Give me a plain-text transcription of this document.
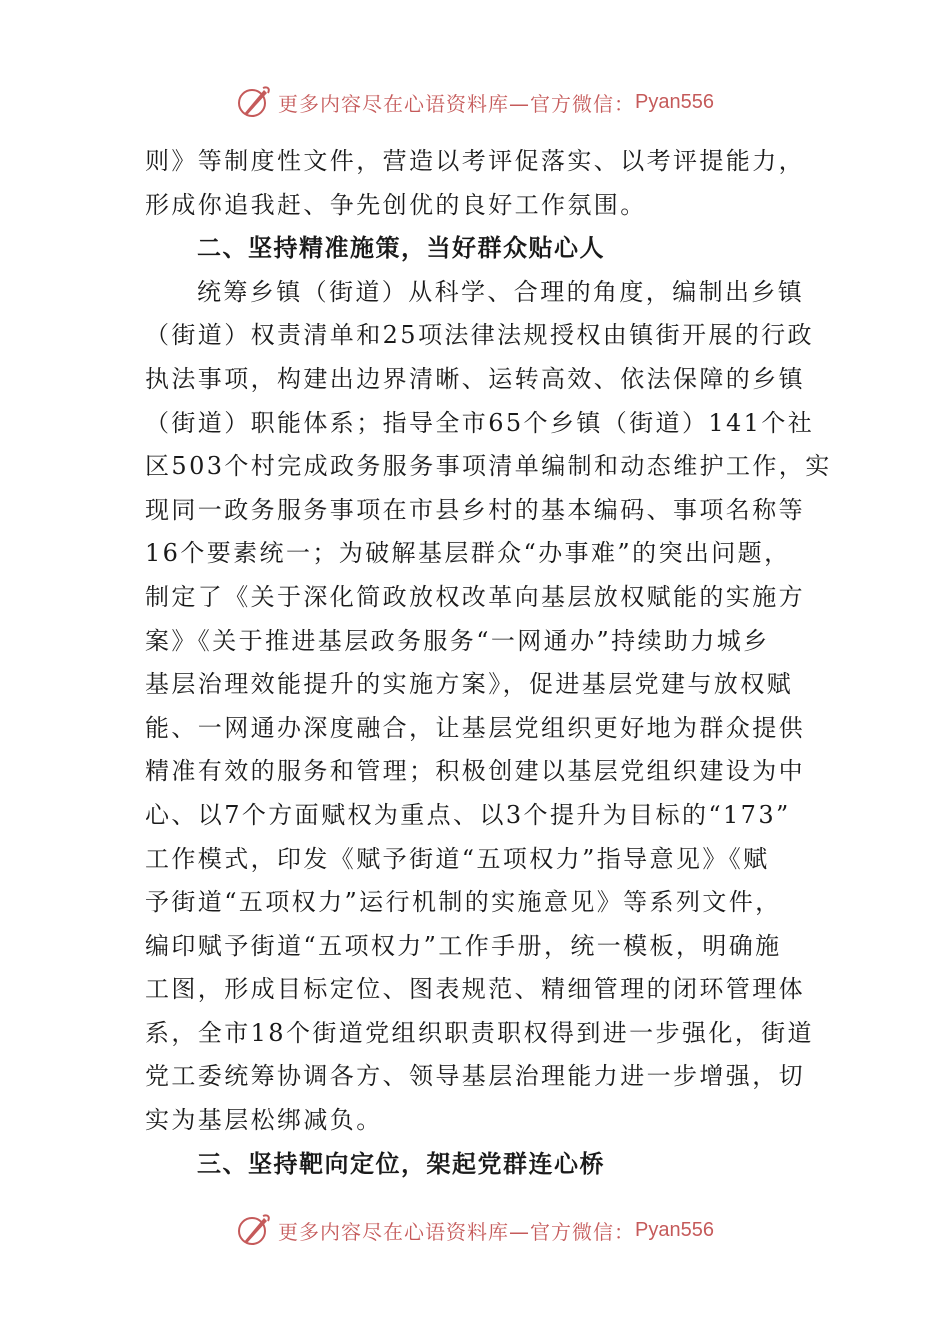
更多内容尽在心语资料库—官方微信： Pyan556
则》等制度性文件，营造以考评促落实、以考评提能力，
形成你追我赶、争先创优的良好工作氛围。
二、坚持精准施策，当好群众贴心人
统筹乡镇（街道）从科学、合理的角度，编制出乡镇
（街道）权责清单和25项法律法规授权由镇街开展的行政
执法事项，构建出边界清晰、运转高效、依法保障的乡镇
（街道）职能体系；指导全市65个乡镇（街道）141个社
区503个村完成政务服务事项清单编制和动态维护工作，实
现同一政务服务事项在市县乡村的基本编码、事项名称等
16个要素统一；为破解基层群众“办事难”的突出问题，
制定了《关于深化简政放权改革向基层放权赋能的实施方
案》《关于推进基层政务服务“一网通办”持续助力城乡
基层治理效能提升的实施方案》，促进基层党建与放权赋
能、一网通办深度融合，让基层党组织更好地为群众提供
精准有效的服务和管理；积极创建以基层党组织建设为中
心、以7个方面赋权为重点、以3个提升为目标的“173”
工作模式，印发《赋予街道“五项权力”指导意见》《赋
予街道“五项权力”运行机制的实施意见》等系列文件，
编印赋予街道“五项权力”工作手册，统一模板，明确施
工图，形成目标定位、图表规范、精细管理的闭环管理体
系，全市18个街道党组织职责职权得到进一步强化，街道
党工委统筹协调各方、领导基层治理能力进一步增强，切
实为基层松绑减负。
三、坚持靶向定位，架起党群连心桥
更多内容尽在心语资料库—官方微信： Pyan556
